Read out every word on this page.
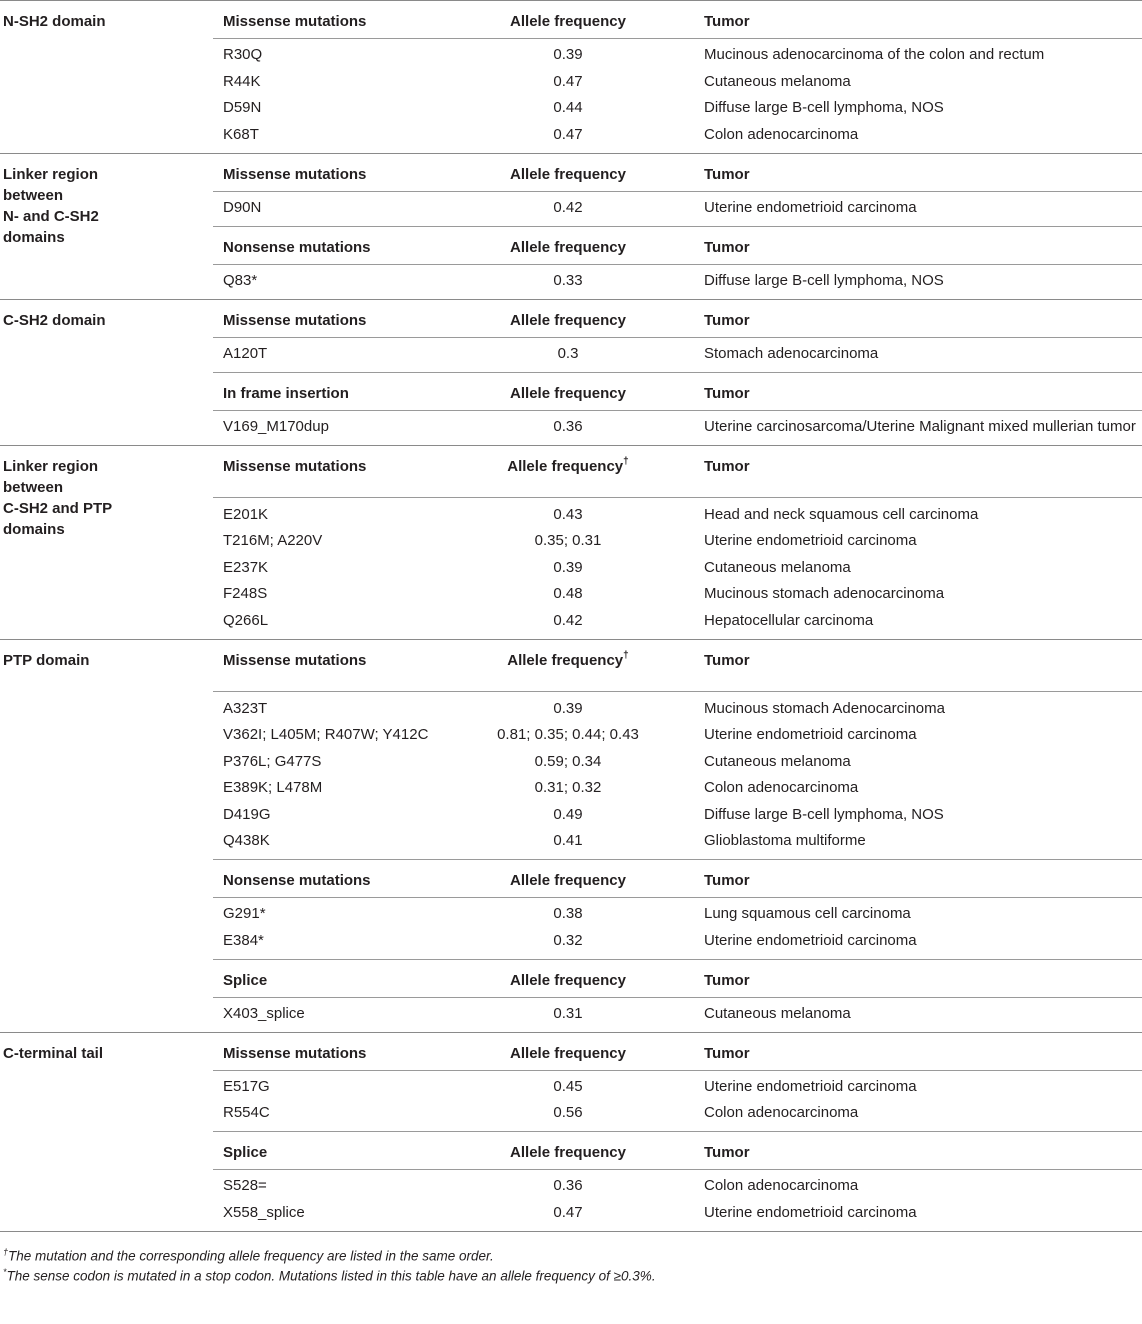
N-SH2 domain	Missense mutations	Allele frequency	Tumor
R30Q	0.39	Mucinous adenocarcinoma of the colon and rectum
R44K	0.47	Cutaneous melanoma
D59N	0.44	Diffuse large B-cell lymphoma, NOS
K68T	0.47	Colon adenocarcinoma
Linker region
between
N- and C-SH2
domains
Missense mutations	Allele frequency	Tumor
D90N	0.42	Uterine endometrioid carcinoma
Nonsense mutations	Allele frequency	Tumor
Q83*	0.33	Diffuse large B-cell lymphoma, NOS
C-SH2 domain	Missense mutations	Allele frequency	Tumor
A120T	0.3	Stomach adenocarcinoma
In frame insertion	Allele frequency	Tumor
V169_M170dup	0.36	Uterine carcinosarcoma/Uterine Malignant mixed mullerian tumor
Linker region
between
C-SH2 and PTP
domains
Missense mutations	Allele frequency†	Tumor
E201K	0.43	Head and neck squamous cell carcinoma
T216M; A220V	0.35; 0.31	Uterine endometrioid carcinoma
E237K	0.39	Cutaneous melanoma
F248S	0.48	Mucinous stomach adenocarcinoma
Q266L	0.42	Hepatocellular carcinoma
PTP domain	Missense mutations	Allele frequency†	Tumor
A323T	0.39	Mucinous stomach Adenocarcinoma
V362I; L405M; R407W; Y412C	0.81; 0.35; 0.44; 0.43	Uterine endometrioid carcinoma
P376L; G477S	0.59; 0.34	Cutaneous melanoma
E389K; L478M	0.31; 0.32	Colon adenocarcinoma
D419G	0.49	Diffuse large B-cell lymphoma, NOS
Q438K	0.41	Glioblastoma multiforme
Nonsense mutations	Allele frequency	Tumor
G291*	0.38	Lung squamous cell carcinoma
E384*	0.32	Uterine endometrioid carcinoma
Splice	Allele frequency	Tumor
X403_splice	0.31	Cutaneous melanoma
C-terminal tail	Missense mutations	Allele frequency	Tumor
E517G	0.45	Uterine endometrioid carcinoma
R554C	0.56	Colon adenocarcinoma
Splice	Allele frequency	Tumor
S528=	0.36	Colon adenocarcinoma
X558_splice	0.47	Uterine endometrioid carcinoma
†The mutation and the corresponding allele frequency are listed in the same order.
*The sense codon is mutated in a stop codon. Mutations listed in this table have an allele frequency of ≥0.3%.
